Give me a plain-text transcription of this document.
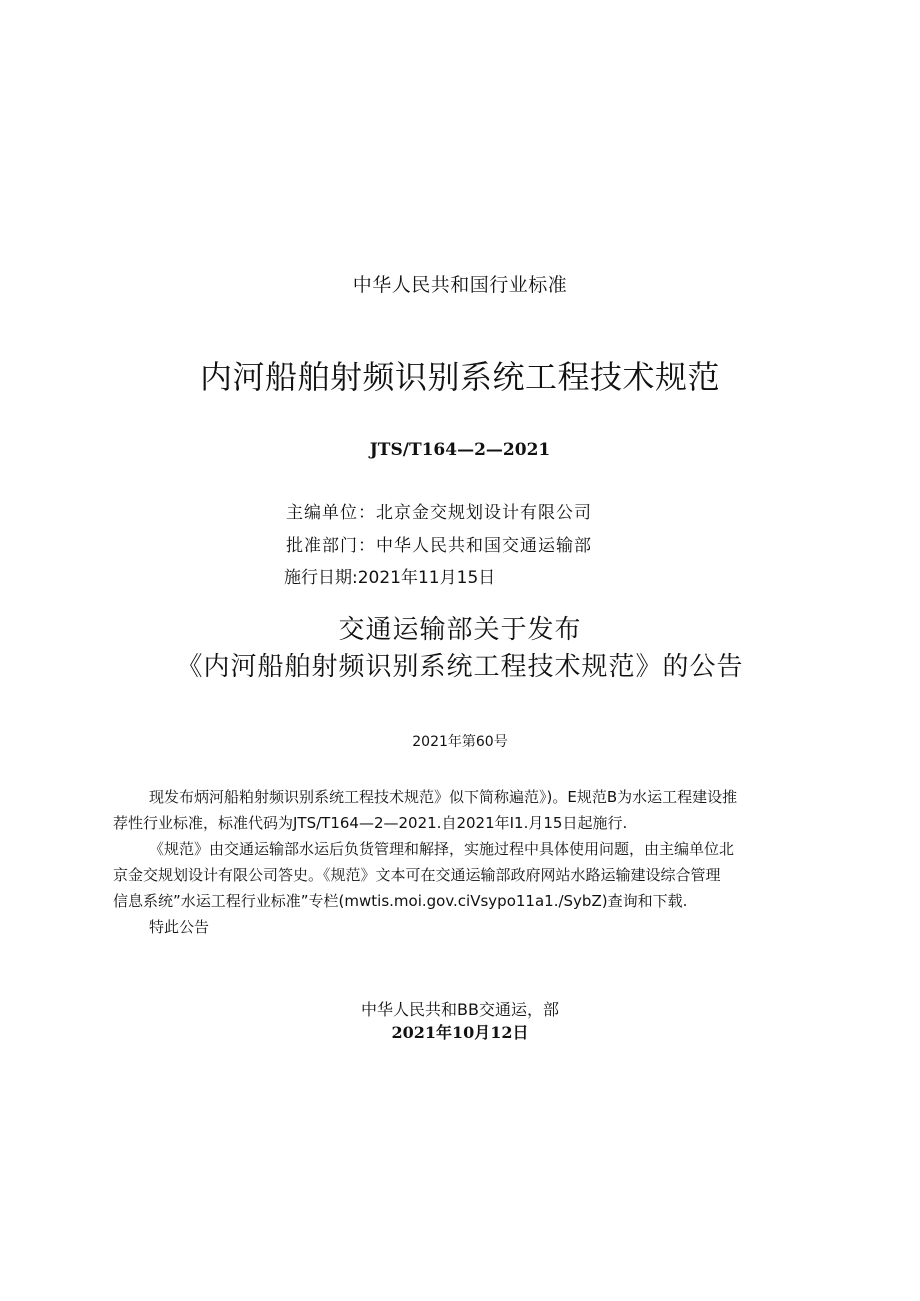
中华人民共和国行业标准
内河船舶射频识别系统工程技术规范
JTS/T164—2—2021
主编单位：北京金交规划设计有限公司
批准部门：中华人民共和国交通运输部
施行日期:2021年11月15日
交通运输部关于发布
《内河船舶射频识别系统工程技术规范》的公告
2021年第60号
现发布炳河船粕射频识别系统工程技术规范》似下简称遍范》)。E规范B为水运工程建设推
荐性行业标准，标准代码为JTS/T164—2—2021.自2021年I1.月15日起施行.
《规范》由交通运输部水运后负货管理和解择，实施过程中具体使用问题，由主编单位北
京金交规划设计有限公司答史。《规范》文本可在交通运输部政府网站水路运输建设综合管理
信息系统”水运工程行业标准”专栏(mwtis.moi.gov.ciVsypo11a1./SybZ)查询和下载.
特此公告
中华人民共和BB交通运，部
2021年10月12日
